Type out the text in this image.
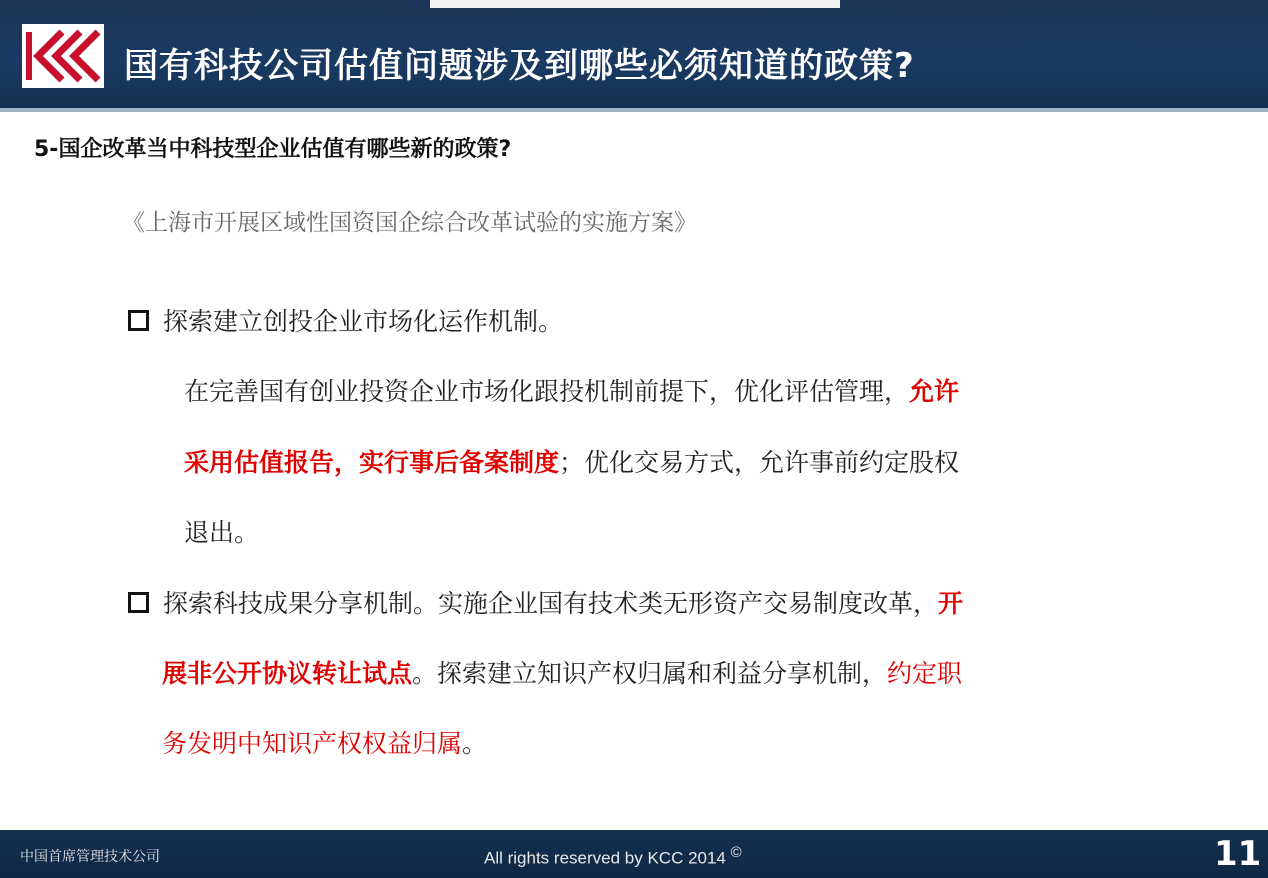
国有科技公司估值问题涉及到哪些必须知道的政策?
5-国企改革当中科技型企业估值有哪些新的政策?
《上海市开展区域性国资国企综合改革试验的实施方案》
探索建立创投企业市场化运作机制。
在完善国有创业投资企业市场化跟投机制前提下，优化评估管理，允许
采用估值报告，实行事后备案制度；优化交易方式，允许事前约定股权
退出。
探索科技成果分享机制。实施企业国有技术类无形资产交易制度改革， 开
展非公开协议转让试点。探索建立知识产权归属和利益分享机制，约定职
务发明中知识产权权益归属。
中国首席管理技术公司	All rights reserved by KCC 2014 ©	11
